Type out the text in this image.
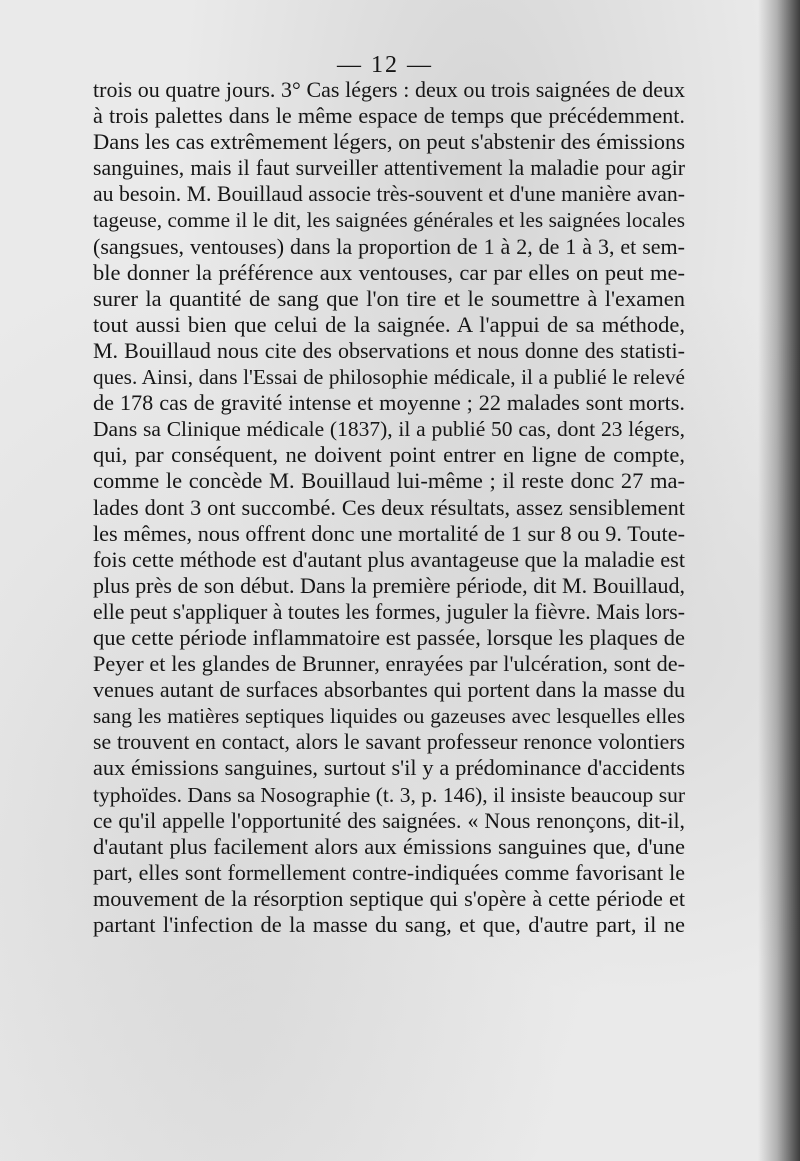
— 12 —
trois ou quatre jours. 3° Cas légers : deux ou trois saignées de deux
à trois palettes dans le même espace de temps que précédemment.
Dans les cas extrêmement légers, on peut s'abstenir des émissions
sanguines, mais il faut surveiller attentivement la maladie pour agir
au besoin. M. Bouillaud associe très-souvent et d'une manière avan-
tageuse, comme il le dit, les saignées générales et les saignées locales
(sangsues, ventouses) dans la proportion de 1 à 2, de 1 à 3, et sem-
ble donner la préférence aux ventouses, car par elles on peut me-
surer la quantité de sang que l'on tire et le soumettre à l'examen
tout aussi bien que celui de la saignée. A l'appui de sa méthode,
M. Bouillaud nous cite des observations et nous donne des statisti-
ques. Ainsi, dans l'Essai de philosophie médicale, il a publié le relevé
de 178 cas de gravité intense et moyenne ; 22 malades sont morts.
Dans sa Clinique médicale (1837), il a publié 50 cas, dont 23 légers,
qui, par conséquent, ne doivent point entrer en ligne de compte,
comme le concède M. Bouillaud lui-même ; il reste donc 27 ma-
lades dont 3 ont succombé. Ces deux résultats, assez sensiblement
les mêmes, nous offrent donc une mortalité de 1 sur 8 ou 9. Toute-
fois cette méthode est d'autant plus avantageuse que la maladie est
plus près de son début. Dans la première période, dit M. Bouillaud,
elle peut s'appliquer à toutes les formes, juguler la fièvre. Mais lors-
que cette période inflammatoire est passée, lorsque les plaques de
Peyer et les glandes de Brunner, enrayées par l'ulcération, sont de-
venues autant de surfaces absorbantes qui portent dans la masse du
sang les matières septiques liquides ou gazeuses avec lesquelles elles
se trouvent en contact, alors le savant professeur renonce volontiers
aux émissions sanguines, surtout s'il y a prédominance d'accidents
typhoïdes. Dans sa Nosographie (t. 3, p. 146), il insiste beaucoup sur
ce qu'il appelle l'opportunité des saignées. « Nous renonçons, dit-il,
d'autant plus facilement alors aux émissions sanguines que, d'une
part, elles sont formellement contre-indiquées comme favorisant le
mouvement de la résorption septique qui s'opère à cette période et
partant l'infection de la masse du sang, et que, d'autre part, il ne
